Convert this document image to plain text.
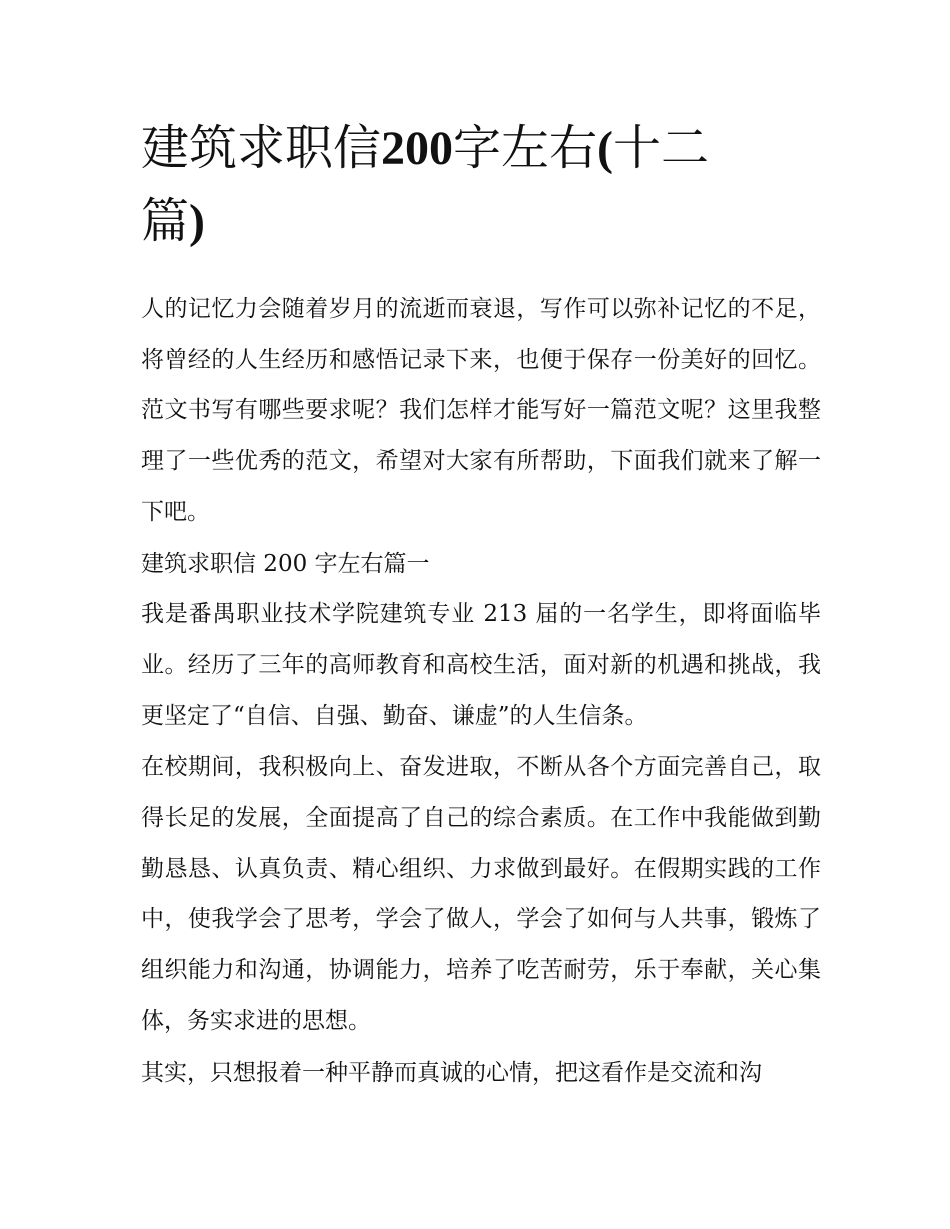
建筑求职信200字左右(十二
篇)

人的记忆力会随着岁月的流逝而衰退，写作可以弥补记忆的不足，将曾经的人生经历和感悟记录下来，也便于保存一份美好的回忆。范文书写有哪些要求呢？我们怎样才能写好一篇范文呢？这里我整理了一些优秀的范文，希望对大家有所帮助，下面我们就来了解一下吧。

建筑求职信 200 字左右篇一

我是番禺职业技术学院建筑专业 213 届的一名学生，即将面临毕业。经历了三年的高师教育和高校生活，面对新的机遇和挑战，我更坚定了“自信、自强、勤奋、谦虚”的人生信条。

在校期间，我积极向上、奋发进取，不断从各个方面完善自己，取得长足的发展，全面提高了自己的综合素质。在工作中我能做到勤勤恳恳、认真负责、精心组织、力求做到最好。在假期实践的工作中，使我学会了思考，学会了做人，学会了如何与人共事，锻炼了组织能力和沟通，协调能力，培养了吃苦耐劳，乐于奉献，关心集体，务实求进的思想。

其实，只想报着一种平静而真诚的心情，把这看作是交流和沟
